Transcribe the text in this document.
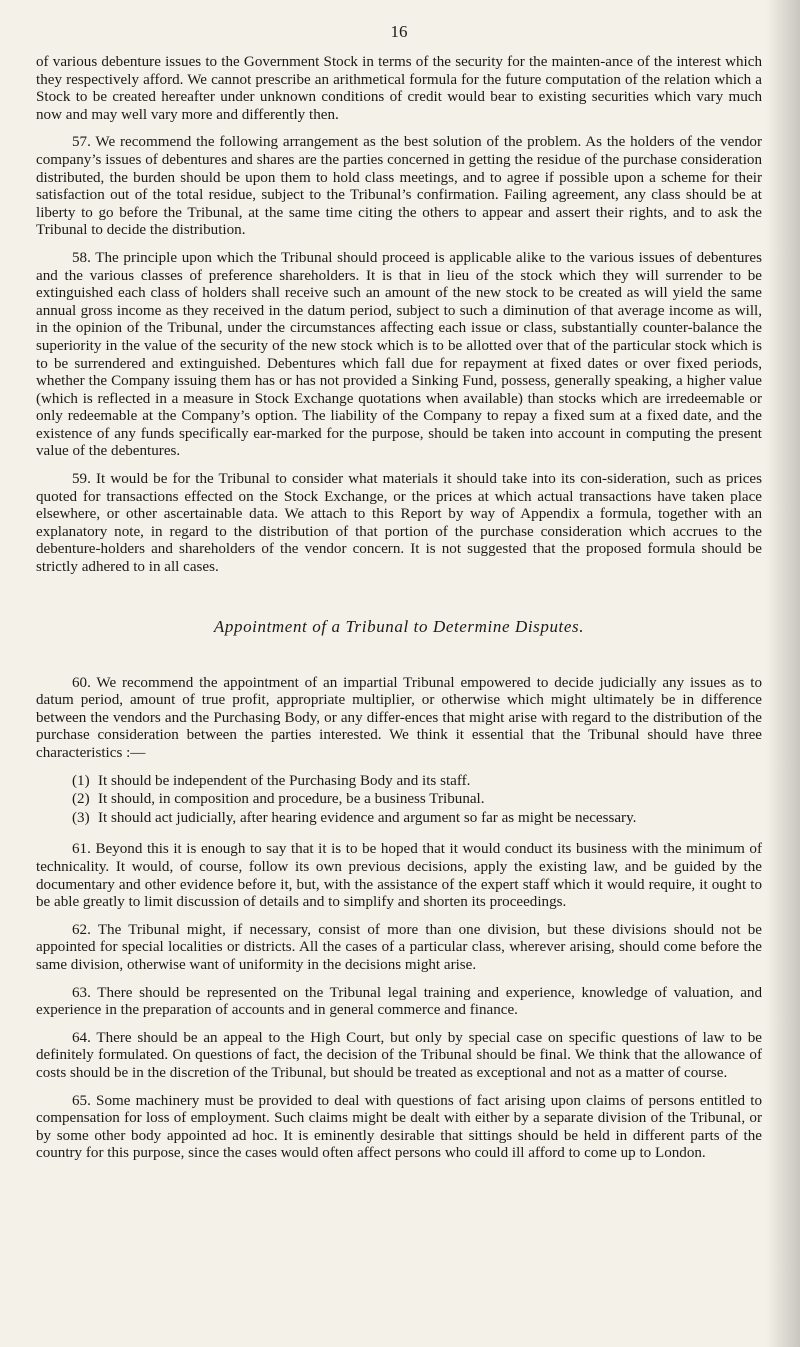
16

of various debenture issues to the Government Stock in terms of the security for the mainten-ance of the interest which they respectively afford. We cannot prescribe an arithmetical formula for the future computation of the relation which a Stock to be created hereafter under unknown conditions of credit would bear to existing securities which vary much now and may well vary more and differently then.

57. We recommend the following arrangement as the best solution of the problem. As the holders of the vendor company’s issues of debentures and shares are the parties concerned in getting the residue of the purchase consideration distributed, the burden should be upon them to hold class meetings, and to agree if possible upon a scheme for their satisfaction out of the total residue, subject to the Tribunal’s confirmation. Failing agreement, any class should be at liberty to go before the Tribunal, at the same time citing the others to appear and assert their rights, and to ask the Tribunal to decide the distribution.

58. The principle upon which the Tribunal should proceed is applicable alike to the various issues of debentures and the various classes of preference shareholders. It is that in lieu of the stock which they will surrender to be extinguished each class of holders shall receive such an amount of the new stock to be created as will yield the same annual gross income as they received in the datum period, subject to such a diminution of that average income as will, in the opinion of the Tribunal, under the circumstances affecting each issue or class, substantially counter-balance the superiority in the value of the security of the new stock which is to be allotted over that of the particular stock which is to be surrendered and extinguished. Debentures which fall due for repayment at fixed dates or over fixed periods, whether the Company issuing them has or has not provided a Sinking Fund, possess, generally speaking, a higher value (which is reflected in a measure in Stock Exchange quotations when available) than stocks which are irredeemable or only redeemable at the Company’s option. The liability of the Company to repay a fixed sum at a fixed date, and the existence of any funds specifically ear-marked for the purpose, should be taken into account in computing the present value of the debentures.

59. It would be for the Tribunal to consider what materials it should take into its con-sideration, such as prices quoted for transactions effected on the Stock Exchange, or the prices at which actual transactions have taken place elsewhere, or other ascertainable data. We attach to this Report by way of Appendix a formula, together with an explanatory note, in regard to the distribution of that portion of the purchase consideration which accrues to the debenture-holders and shareholders of the vendor concern. It is not suggested that the proposed formula should be strictly adhered to in all cases.

Appointment of a Tribunal to Determine Disputes.

60. We recommend the appointment of an impartial Tribunal empowered to decide judicially any issues as to datum period, amount of true profit, appropriate multiplier, or otherwise which might ultimately be in difference between the vendors and the Purchasing Body, or any differ-ences that might arise with regard to the distribution of the purchase consideration between the parties interested. We think it essential that the Tribunal should have three characteristics :—

(1) It should be independent of the Purchasing Body and its staff.
(2) It should, in composition and procedure, be a business Tribunal.
(3) It should act judicially, after hearing evidence and argument so far as might be necessary.

61. Beyond this it is enough to say that it is to be hoped that it would conduct its business with the minimum of technicality. It would, of course, follow its own previous decisions, apply the existing law, and be guided by the documentary and other evidence before it, but, with the assistance of the expert staff which it would require, it ought to be able greatly to limit discussion of details and to simplify and shorten its proceedings.

62. The Tribunal might, if necessary, consist of more than one division, but these divisions should not be appointed for special localities or districts. All the cases of a particular class, wherever arising, should come before the same division, otherwise want of uniformity in the decisions might arise.

63. There should be represented on the Tribunal legal training and experience, knowledge of valuation, and experience in the preparation of accounts and in general commerce and finance.

64. There should be an appeal to the High Court, but only by special case on specific questions of law to be definitely formulated. On questions of fact, the decision of the Tribunal should be final. We think that the allowance of costs should be in the discretion of the Tribunal, but should be treated as exceptional and not as a matter of course.

65. Some machinery must be provided to deal with questions of fact arising upon claims of persons entitled to compensation for loss of employment. Such claims might be dealt with either by a separate division of the Tribunal, or by some other body appointed ad hoc. It is eminently desirable that sittings should be held in different parts of the country for this purpose, since the cases would often affect persons who could ill afford to come up to London.
